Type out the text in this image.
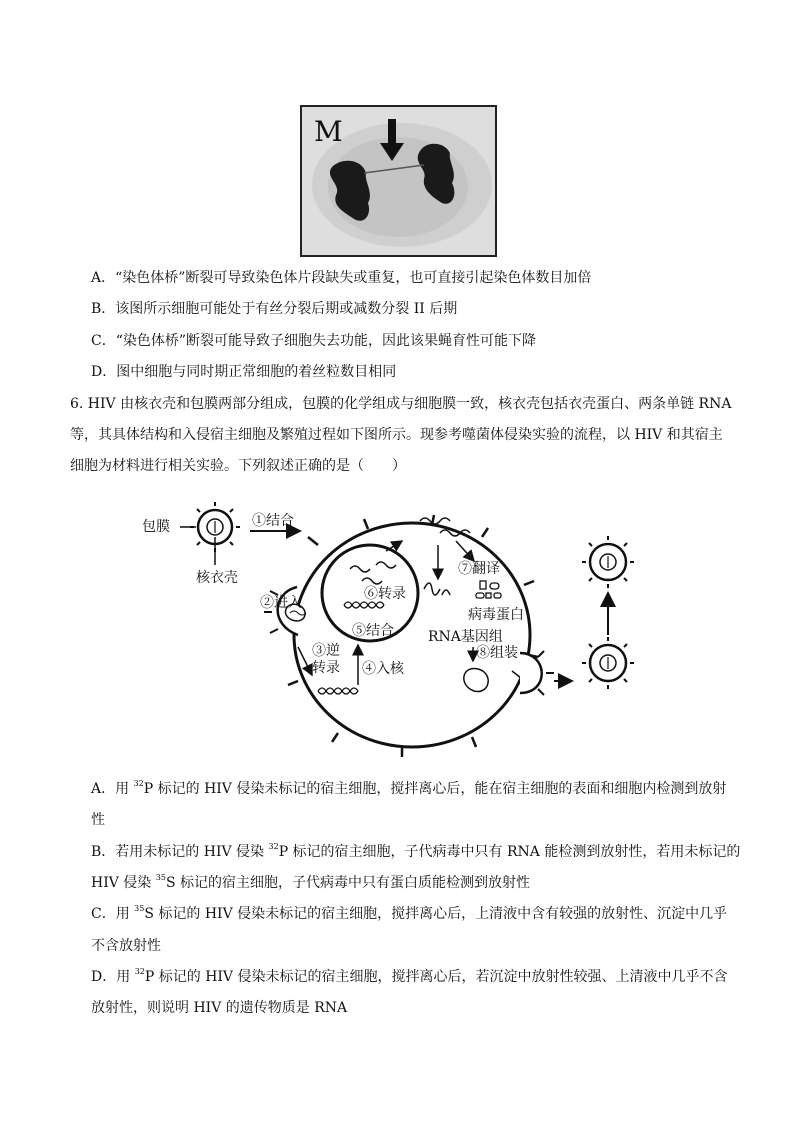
M
A．“染色体桥”断裂可导致染色体片段缺失或重复，也可直接引起染色体数目加倍
B．该图所示细胞可能处于有丝分裂后期或减数分裂 II 后期
C．“染色体桥”断裂可能导致子细胞失去功能，因此该果蝇育性可能下降
D．图中细胞与同时期正常细胞的着丝粒数目相同
6. HIV 由核衣壳和包膜两部分组成，包膜的化学组成与细胞膜一致，核衣壳包括衣壳蛋白、两条单链 RNA
等，其具体结构和入侵宿主细胞及繁殖过程如下图所示。现参考噬菌体侵染实验的流程，以 HIV 和其宿主
细胞为材料进行相关实验。下列叙述正确的是（　　）
包膜
核衣壳
①结合
②进入
③逆
转录 ④入核
⑤结合
⑥转录
⑦翻译
病毒蛋白
RNA基因组
⑧组装
A．用 $^{32}$P 标记的 HIV 侵染未标记的宿主细胞，搅拌离心后，能在宿主细胞的表面和细胞内检测到放射
性
B．若用未标记的 HIV 侵染 $^{32}$P 标记的宿主细胞，子代病毒中只有 RNA 能检测到放射性，若用未标记的
HIV 侵染 $^{35}$S 标记的宿主细胞，子代病毒中只有蛋白质能检测到放射性
C．用 $^{35}$S 标记的 HIV 侵染未标记的宿主细胞，搅拌离心后，上清液中含有较强的放射性、沉淀中几乎
不含放射性
D．用 $^{32}$P 标记的 HIV 侵染未标记的宿主细胞，搅拌离心后，若沉淀中放射性较强、上清液中几乎不含
放射性，则说明 HIV 的遗传物质是 RNA
